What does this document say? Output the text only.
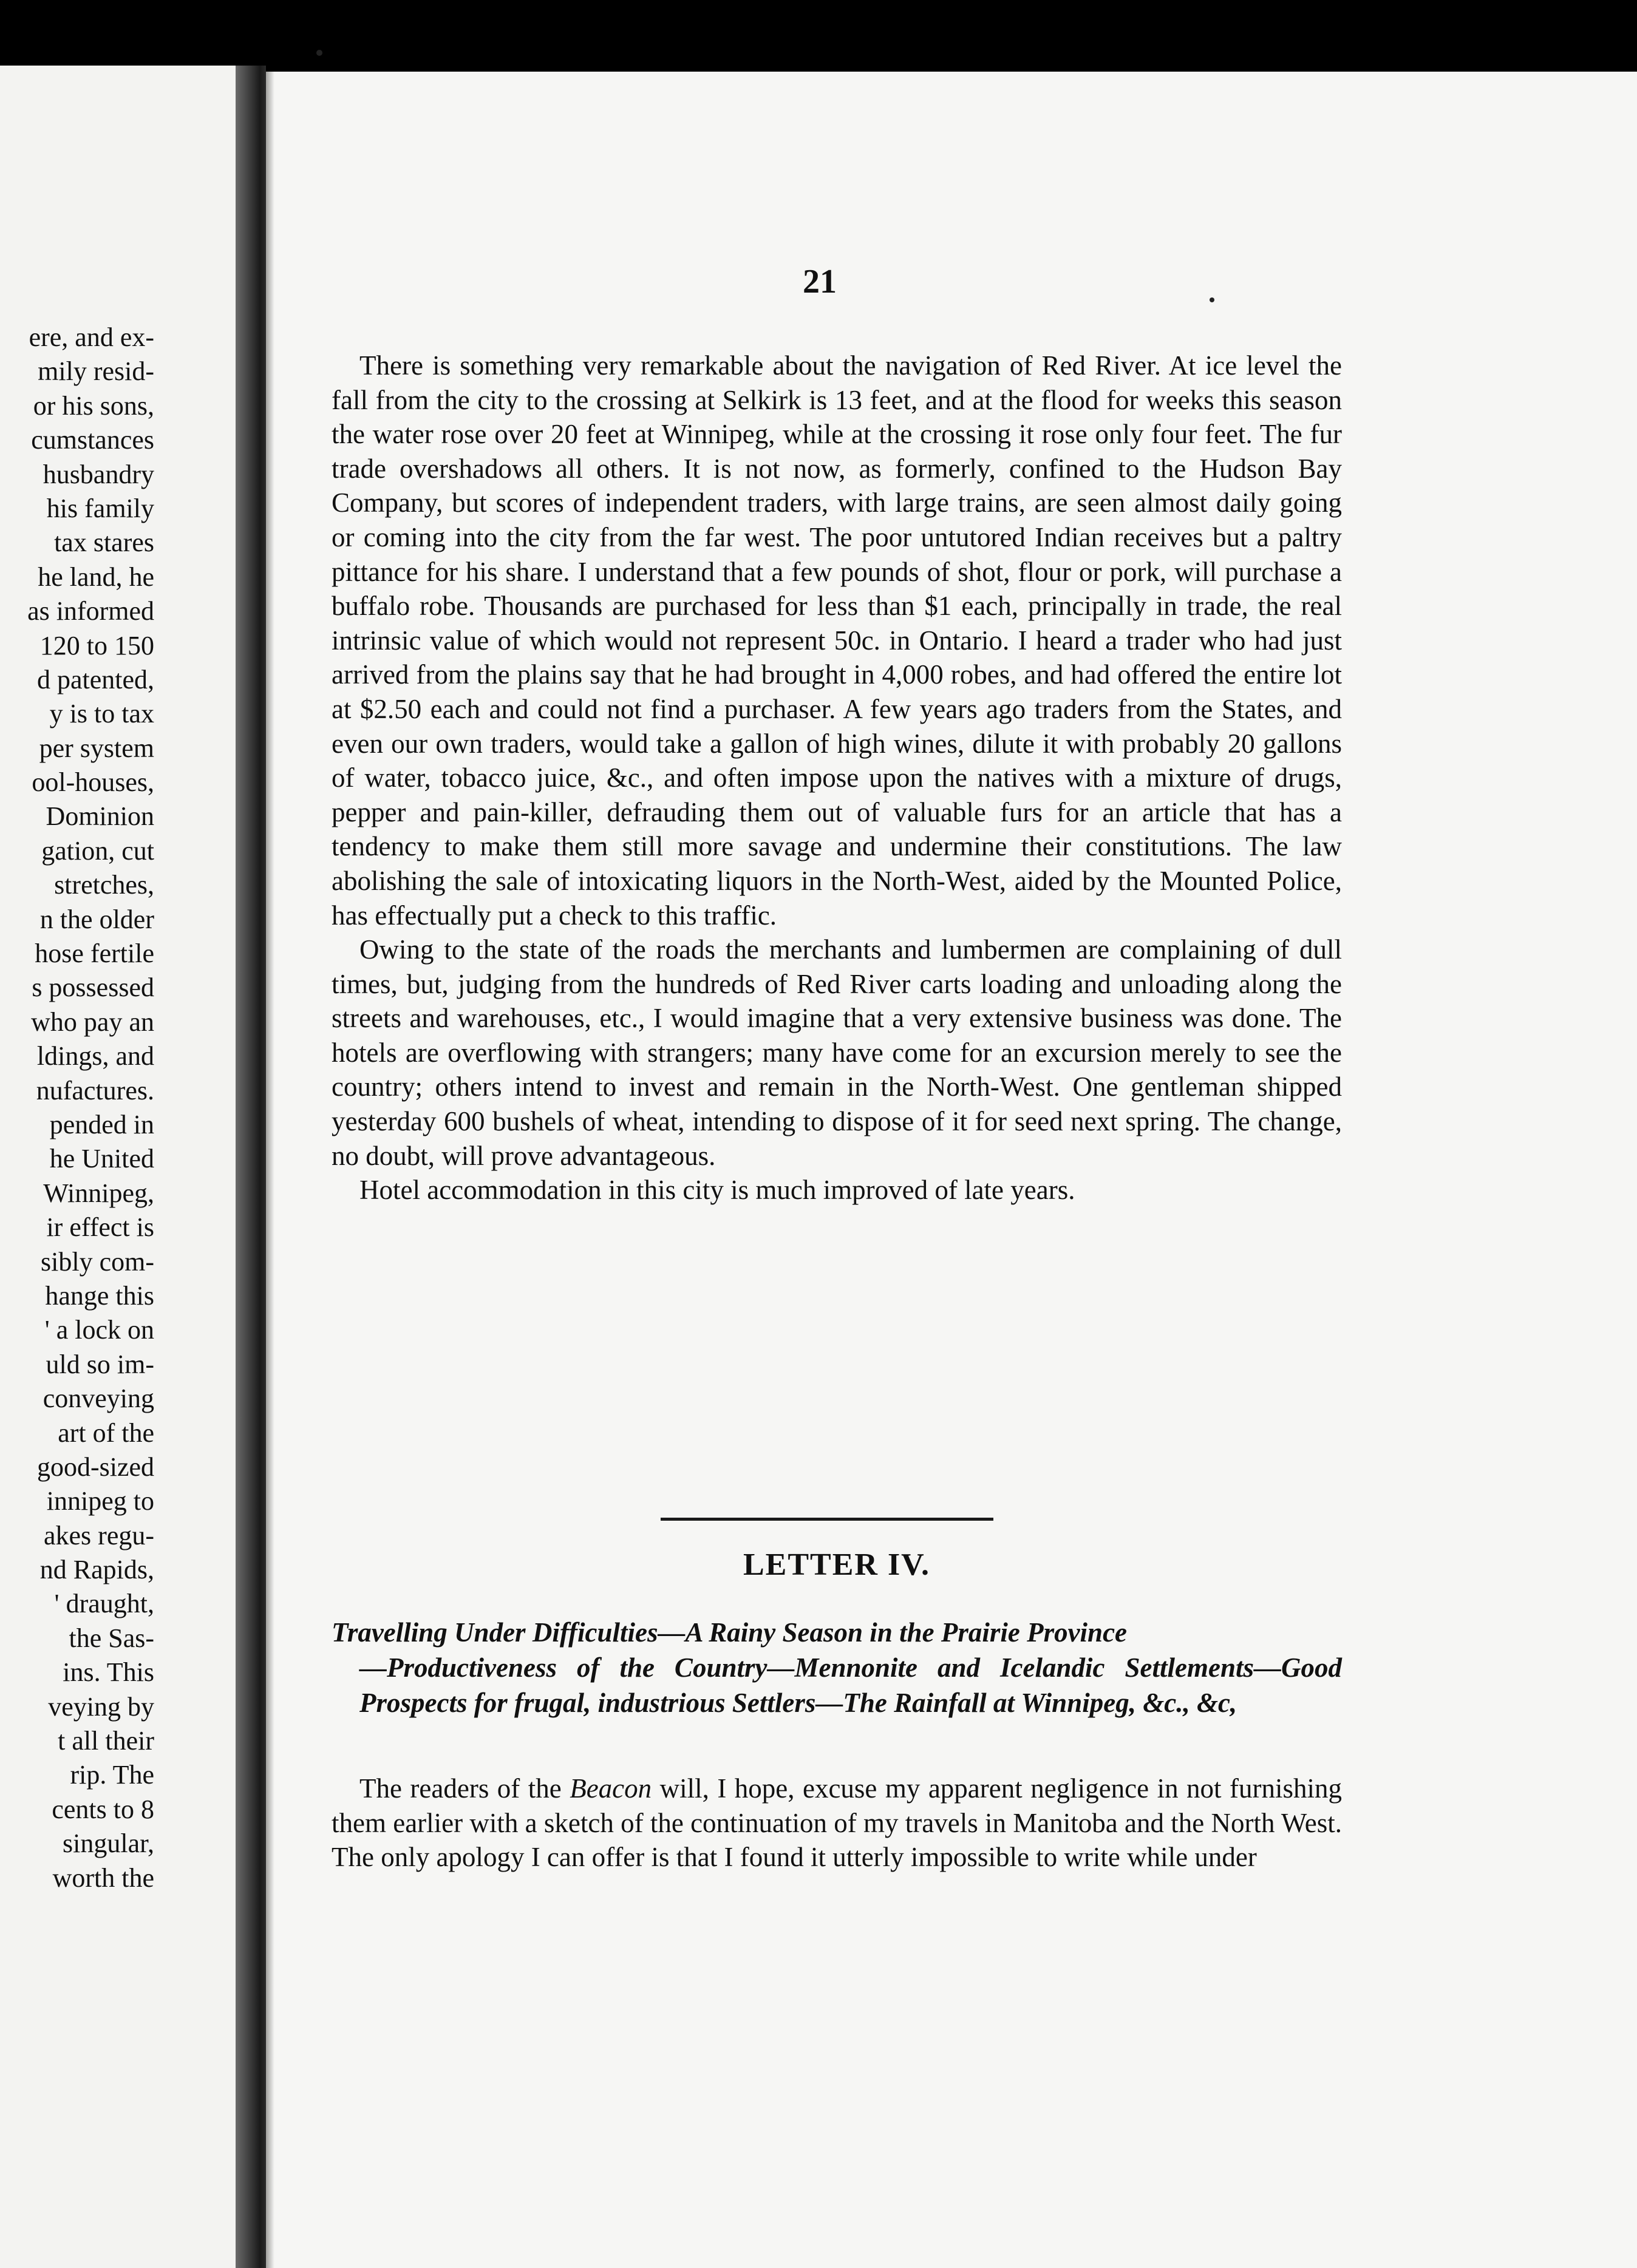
ere, and ex-
mily resid-
or his sons,
cumstances
husbandry
his family
tax stares
he land, he
as informed
120 to 150
d patented,
y is to tax
per system
ool-houses,
Dominion
gation, cut
stretches,
n the older
hose fertile
s possessed
who pay an
ldings, and
nufactures.
pended in
he United
Winnipeg,
ir effect is
sibly com-
hange this
' a lock on
uld so im-
conveying
art of the
good-sized
innipeg to
akes regu-
nd Rapids,
' draught,
the Sas-
ins. This
veying by
t all their
rip. The
cents to 8
singular,
worth the
21

There is something very remarkable about the navigation of Red River. At ice level the fall from the city to the crossing at Selkirk is 13 feet, and at the flood for weeks this season the water rose over 20 feet at Winnipeg, while at the crossing it rose only four feet. The fur trade overshadows all others. It is not now, as formerly, confined to the Hudson Bay Company, but scores of independent traders, with large trains, are seen almost daily going or coming into the city from the far west. The poor untutored Indian receives but a paltry pittance for his share. I understand that a few pounds of shot, flour or pork, will purchase a buffalo robe. Thousands are purchased for less than $1 each, principally in trade, the real intrinsic value of which would not represent 50c. in Ontario. I heard a trader who had just arrived from the plains say that he had brought in 4,000 robes, and had offered the entire lot at $2.50 each and could not find a purchaser. A few years ago traders from the States, and even our own traders, would take a gallon of high wines, dilute it with probably 20 gallons of water, tobacco juice, &c., and often impose upon the natives with a mixture of drugs, pepper and pain-killer, defrauding them out of valuable furs for an article that has a tendency to make them still more savage and undermine their constitutions. The law abolishing the sale of intoxicating liquors in the North-West, aided by the Mounted Police, has effectually put a check to this traffic.

Owing to the state of the roads the merchants and lumbermen are complaining of dull times, but, judging from the hundreds of Red River carts loading and unloading along the streets and warehouses, etc., I would imagine that a very extensive business was done. The hotels are overflowing with strangers; many have come for an excursion merely to see the country; others intend to invest and remain in the North-West. One gentleman shipped yesterday 600 bushels of wheat, intending to dispose of it for seed next spring. The change, no doubt, will prove advantageous.

Hotel accommodation in this city is much improved of late years.

LETTER IV.
Travelling Under Difficulties—A Rainy Season in the Prairie Province
—Productiveness of the Country—Mennonite and Icelandic Settlements—Good Prospects for frugal, industrious Settlers—The Rainfall at Winnipeg, &c., &c,

The readers of the Beacon will, I hope, excuse my apparent negligence in not furnishing them earlier with a sketch of the continuation of my travels in Manitoba and the North West. The only apology I can offer is that I found it utterly impossible to write while under
